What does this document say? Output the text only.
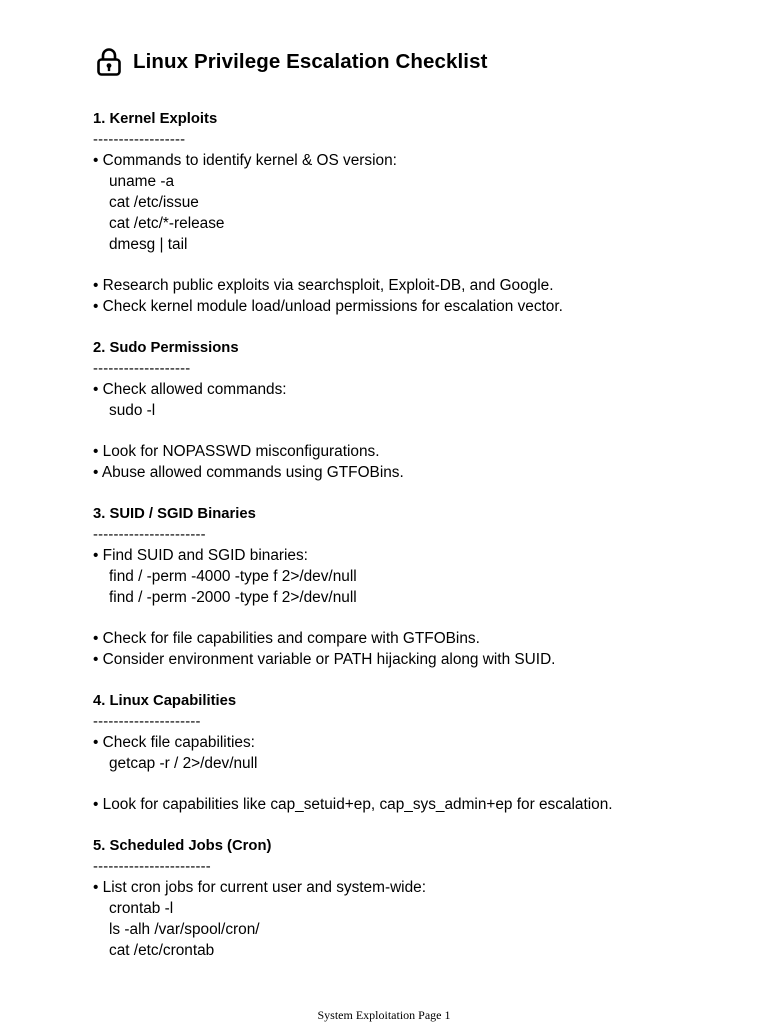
Linux Privilege Escalation Checklist
1. Kernel Exploits
------------------
• Commands to identify kernel & OS version:
uname -a
cat /etc/issue
cat /etc/*-release
dmesg | tail
• Research public exploits via searchsploit, Exploit-DB, and Google.
• Check kernel module load/unload permissions for escalation vector.
2. Sudo Permissions
-------------------
• Check allowed commands:
sudo -l
• Look for NOPASSWD misconfigurations.
• Abuse allowed commands using GTFOBins.
3. SUID / SGID Binaries
----------------------
• Find SUID and SGID binaries:
find / -perm -4000 -type f 2>/dev/null
find / -perm -2000 -type f 2>/dev/null
• Check for file capabilities and compare with GTFOBins.
• Consider environment variable or PATH hijacking along with SUID.
4. Linux Capabilities
---------------------
• Check file capabilities:
getcap -r / 2>/dev/null
• Look for capabilities like cap_setuid+ep, cap_sys_admin+ep for escalation.
5. Scheduled Jobs (Cron)
-----------------------
• List cron jobs for current user and system-wide:
crontab -l
ls -alh /var/spool/cron/
cat /etc/crontab
System Exploitation Page 1
